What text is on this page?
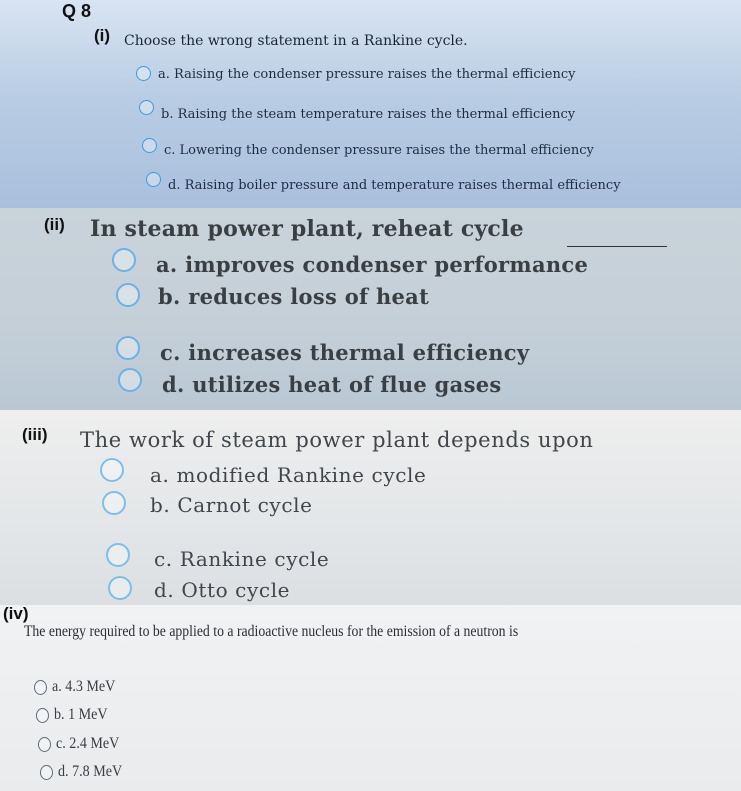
Q 8
(i) Choose the wrong statement in a Rankine cycle.
a. Raising the condenser pressure raises the thermal efficiency
b. Raising the steam temperature raises the thermal efficiency
c. Lowering the condenser pressure raises the thermal efficiency
d. Raising boiler pressure and temperature raises thermal efficiency
(ii) In steam power plant, reheat cycle
a. improves condenser performance
b. reduces loss of heat
c. increases thermal efficiency
d. utilizes heat of flue gases
(iii) The work of steam power plant depends upon
a. modified Rankine cycle
b. Carnot cycle
c. Rankine cycle
d. Otto cycle
(iv)
The energy required to be applied to a radioactive nucleus for the emission of a neutron is
a. 4.3 MeV
b. 1 MeV
c. 2.4 MeV
d. 7.8 MeV
